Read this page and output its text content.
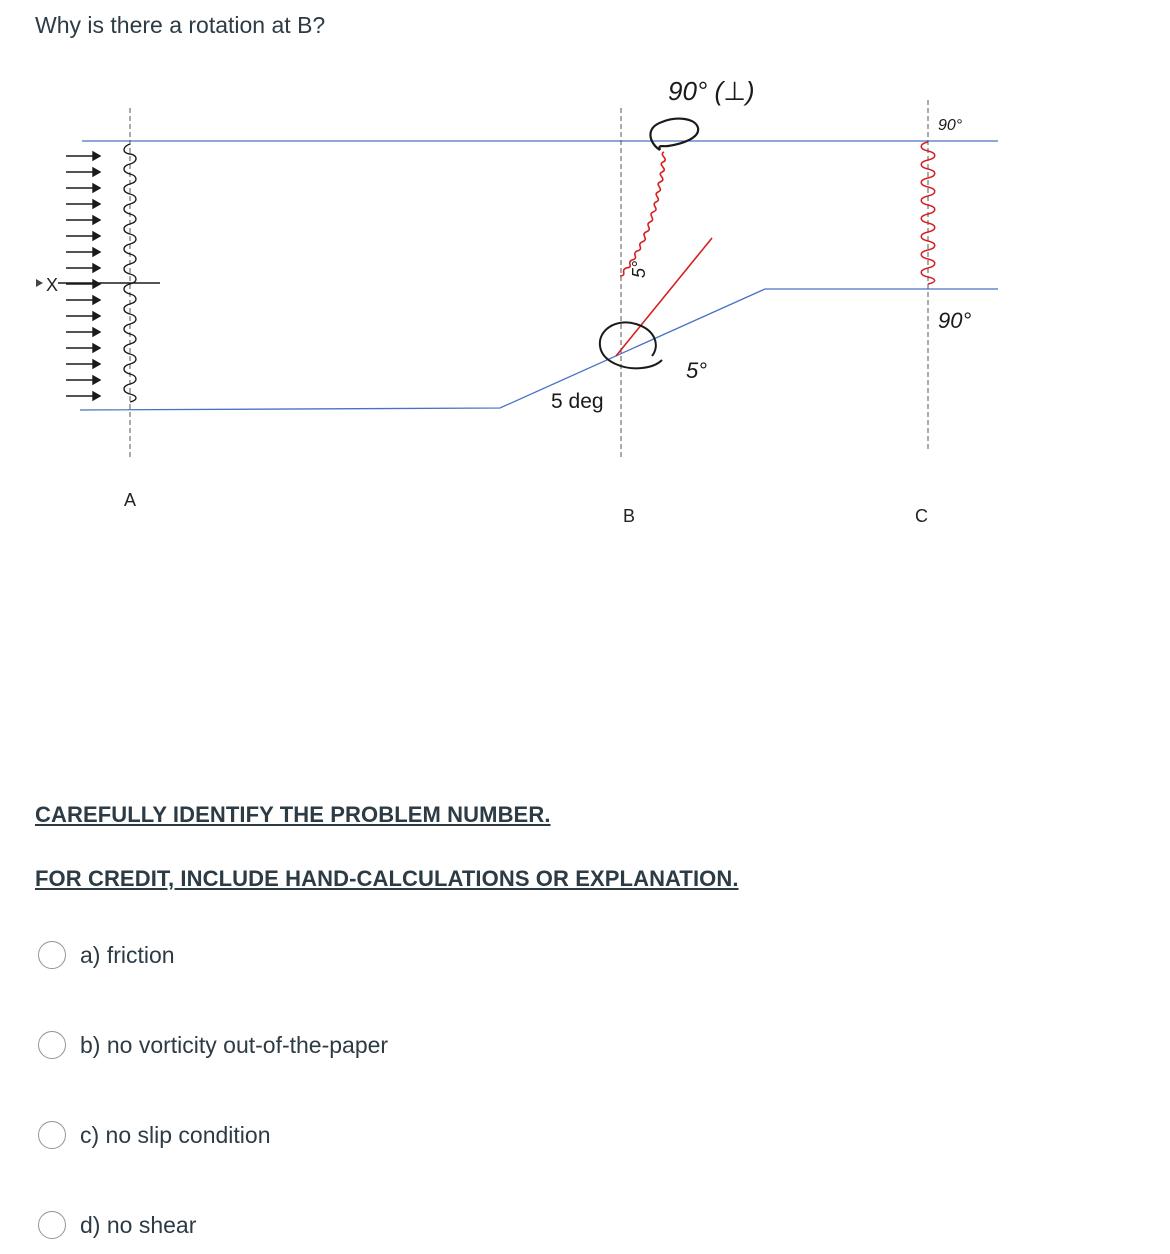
Why is there a rotation at B?
X
90° (⊥)
5°
5°
5 deg
90°
90°
A
B	C
CAREFULLY IDENTIFY THE PROBLEM NUMBER.
FOR CREDIT, INCLUDE HAND-CALCULATIONS OR EXPLANATION.
a) friction
b) no vorticity out-of-the-paper
c) no slip condition
d) no shear
